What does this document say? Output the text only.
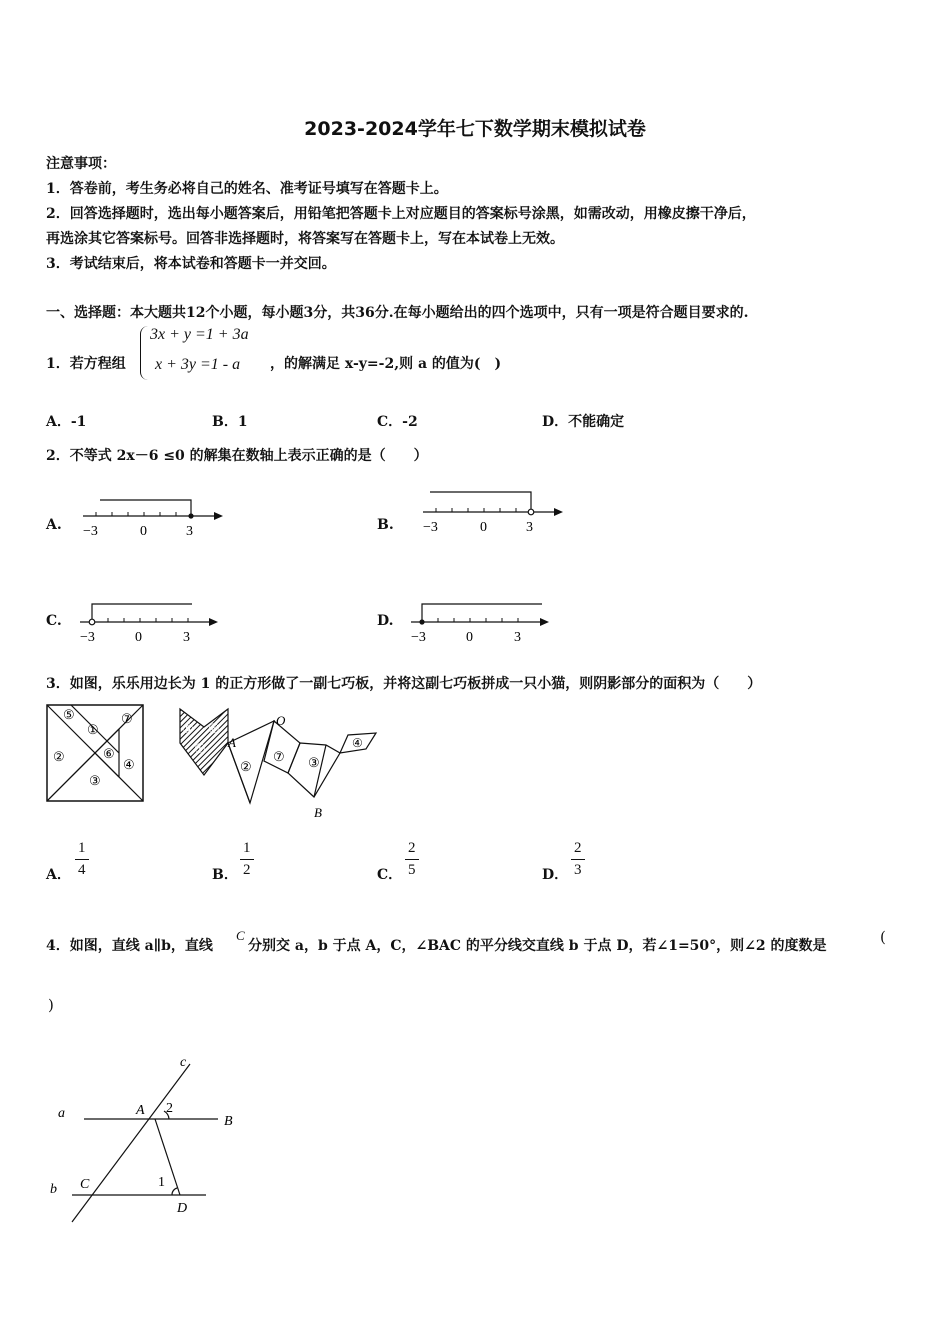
2023-2024学年七下数学期末模拟试卷
注意事项：
1．答卷前，考生务必将自己的姓名、准考证号填写在答题卡上。
2．回答选择题时，选出每小题答案后，用铅笔把答题卡上对应题目的答案标号涂黑，如需改动，用橡皮擦干净后，
再选涂其它答案标号。回答非选择题时，将答案写在答题卡上，写在本试卷上无效。
3．考试结束后，将本试卷和答题卡一并交回。
一、选择题：本大题共12个小题，每小题3分，共36分.在每小题给出的四个选项中，只有一项是符合题目要求的.
1．若方程组
3x + y =1 + 3a
x + 3y =1 - a ，的解满足 x-y=-2,则 a 的值为(　)
A．-1	B．1	C．-2	D．不能确定
2．不等式 2x－6 ≤0 的解集在数轴上表示正确的是（　　）
A.	B.
C.	D.
−3	0	3	−3	0	3
−3	0	3	−3	0	3
3．如图，乐乐用边长为 1 的正方形做了一副七巧板，并将这副七巧板拼成一只小猫，则阴影部分的面积为（　　）
⑤
①
⑦
②	⑥
④
③
⑤ ⑥
① A
O
B
②
⑦ ③
④
A． $\frac{1}{4}$	B． $\frac{1}{2}$	C． $\frac{2}{5}$	D． $\frac{2}{3}$
4．如图，直线 a∥b，直线
C
分别交 a，b 于点 A，C，∠BAC 的平分线交直线 b 于点 D，若∠1=50°，则∠2 的度数是	(
)
c
a	A 2
B
b C	1
D
